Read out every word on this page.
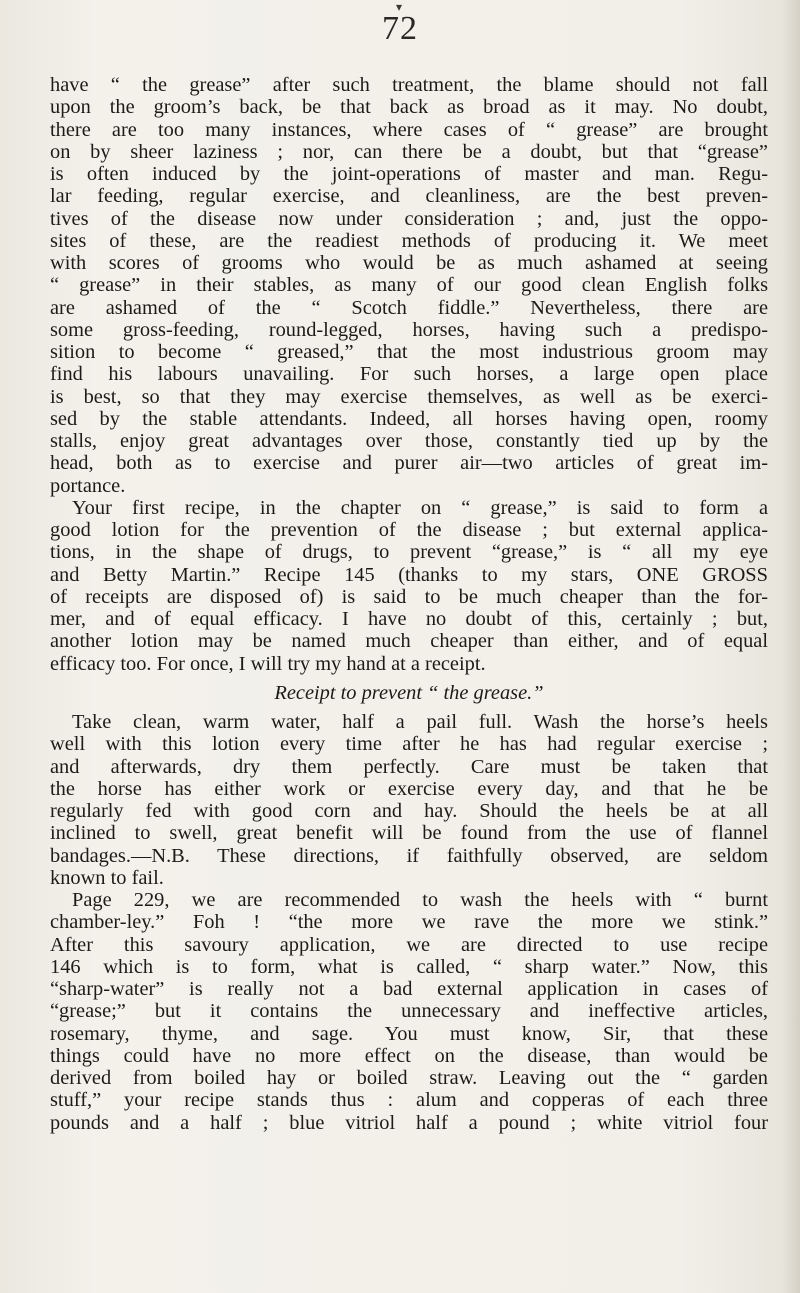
▾
72
have “ the grease” after such treatment, the blame should not fall
upon the groom’s back, be that back as broad as it may. No doubt,
there are too many instances, where cases of “ grease” are brought
on by sheer laziness ; nor, can there be a doubt, but that “grease”
is often induced by the joint-operations of master and man. Regu-
lar feeding, regular exercise, and cleanliness, are the best preven-
tives of the disease now under consideration ; and, just the oppo-
sites of these, are the readiest methods of producing it. We meet
with scores of grooms who would be as much ashamed at seeing
“ grease” in their stables, as many of our good clean English folks
are ashamed of the “ Scotch fiddle.” Nevertheless, there are
some gross-feeding, round-legged, horses, having such a predispo-
sition to become “ greased,” that the most industrious groom may
find his labours unavailing. For such horses, a large open place
is best, so that they may exercise themselves, as well as be exerci-
sed by the stable attendants. Indeed, all horses having open, roomy
stalls, enjoy great advantages over those, constantly tied up by the
head, both as to exercise and purer air—two articles of great im-
portance.
Your first recipe, in the chapter on “ grease,” is said to form a
good lotion for the prevention of the disease ; but external applica-
tions, in the shape of drugs, to prevent “grease,” is “ all my eye
and Betty Martin.” Recipe 145 (thanks to my stars, ONE GROSS
of receipts are disposed of) is said to be much cheaper than the for-
mer, and of equal efficacy. I have no doubt of this, certainly ; but,
another lotion may be named much cheaper than either, and of equal
efficacy too. For once, I will try my hand at a receipt.
Receipt to prevent “ the grease.”
Take clean, warm water, half a pail full. Wash the horse’s heels
well with this lotion every time after he has had regular exercise ;
and afterwards, dry them perfectly. Care must be taken that
the horse has either work or exercise every day, and that he be
regularly fed with good corn and hay. Should the heels be at all
inclined to swell, great benefit will be found from the use of flannel
bandages.—N.B. These directions, if faithfully observed, are seldom
known to fail.
Page 229, we are recommended to wash the heels with “ burnt
chamber-ley.” Foh ! “the more we rave the more we stink.”
After this savoury application, we are directed to use recipe
146 which is to form, what is called, “ sharp water.” Now, this
“sharp-water” is really not a bad external application in cases of
“grease;” but it contains the unnecessary and ineffective articles,
rosemary, thyme, and sage. You must know, Sir, that these
things could have no more effect on the disease, than would be
derived from boiled hay or boiled straw. Leaving out the “ garden
stuff,” your recipe stands thus : alum and copperas of each three
pounds and a half ; blue vitriol half a pound ; white vitriol four
